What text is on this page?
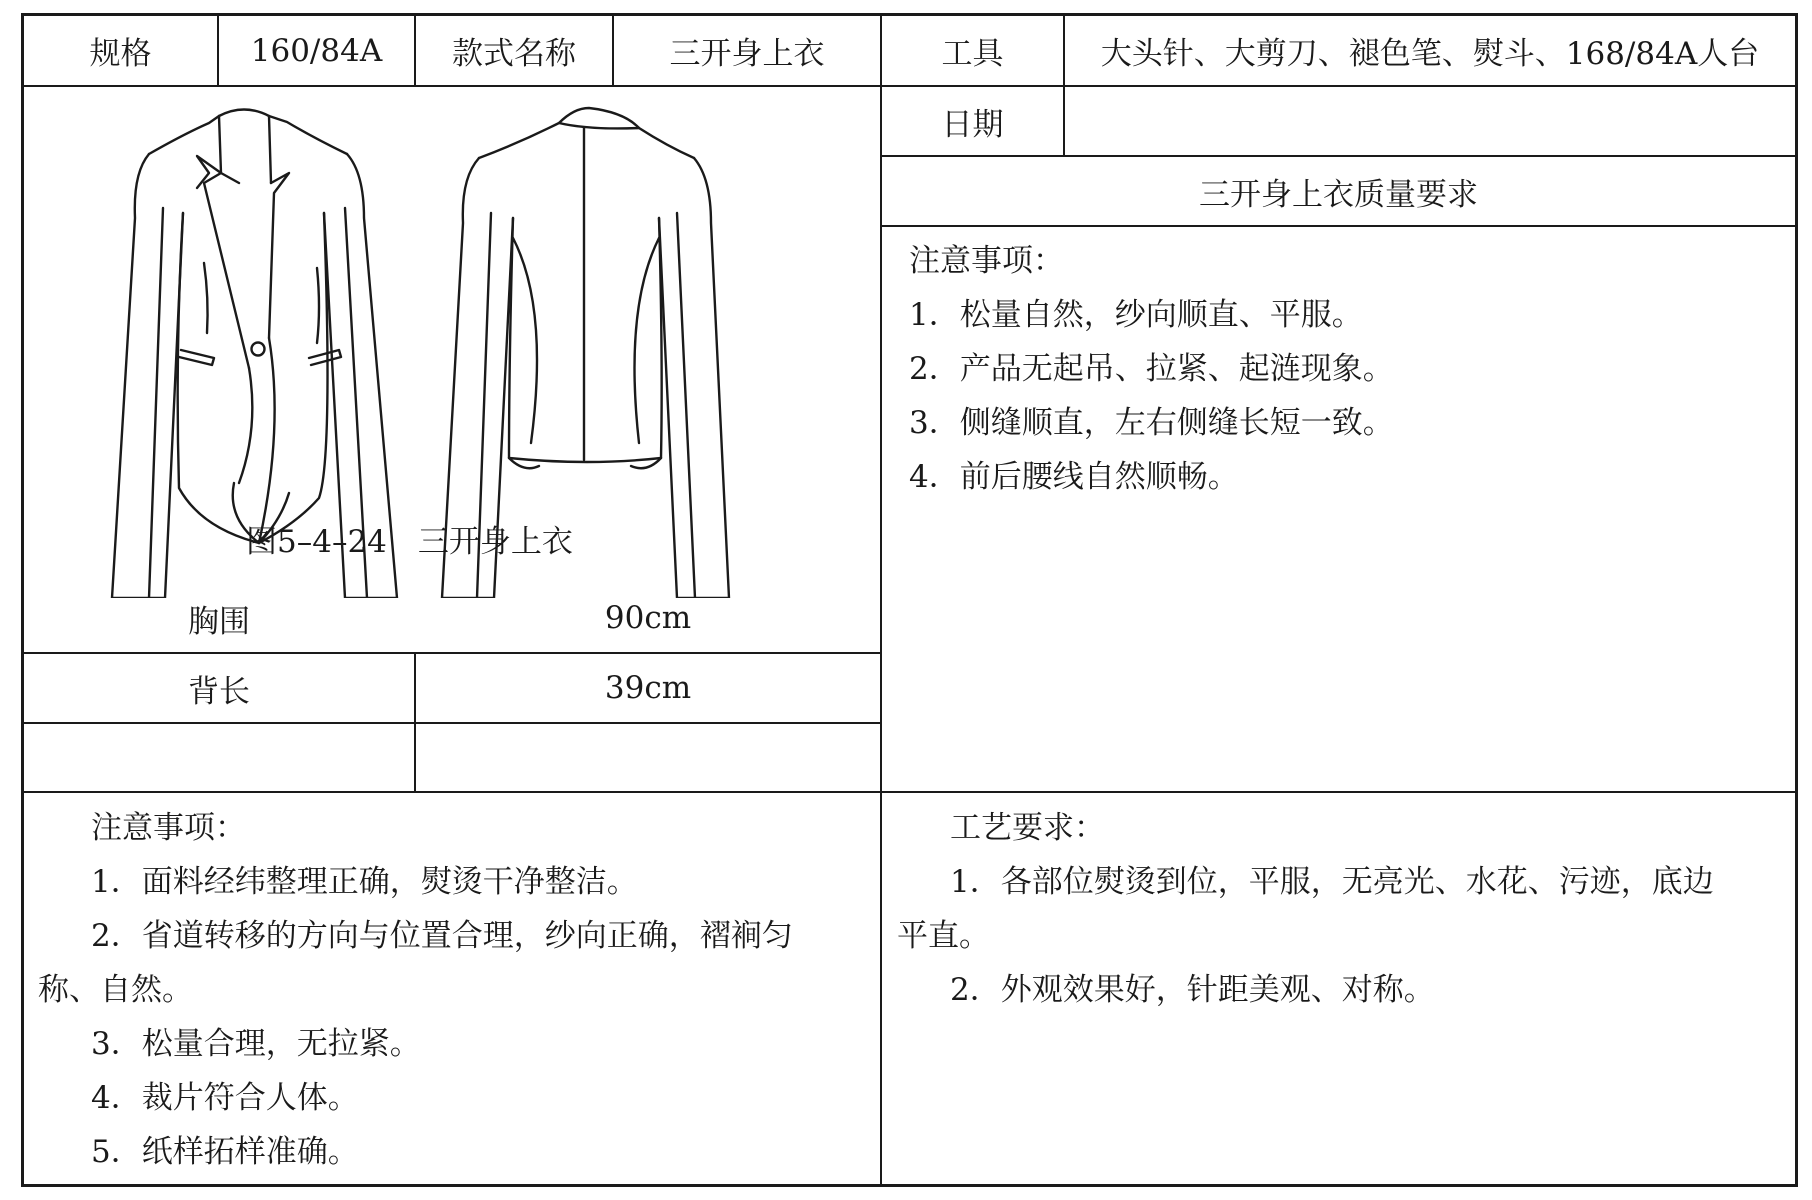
规格	160/84A	款式名称	三开身上衣	工具	大头针、大剪刀、褪色笔、熨斗、168/84A人台
日期
三开身上衣质量要求
图5–4–24　三开身上衣
胸围	90cm
背长	39cm

注意事项：

1．松量自然，纱向顺直、平服。

2．产品无起吊、拉紧、起涟现象。

3．侧缝顺直，左右侧缝长短一致。

4．前后腰线自然顺畅。

注意事项：

1．面料经纬整理正确，熨烫干净整洁。

2．省道转移的方向与位置合理，纱向正确，褶裥匀

称、自然。

3．松量合理，无拉紧。

4．裁片符合人体。

5．纸样拓样准确。

工艺要求：

1．各部位熨烫到位，平服，无亮光、水花、污迹，底边

平直。

2．外观效果好，针距美观、对称。
